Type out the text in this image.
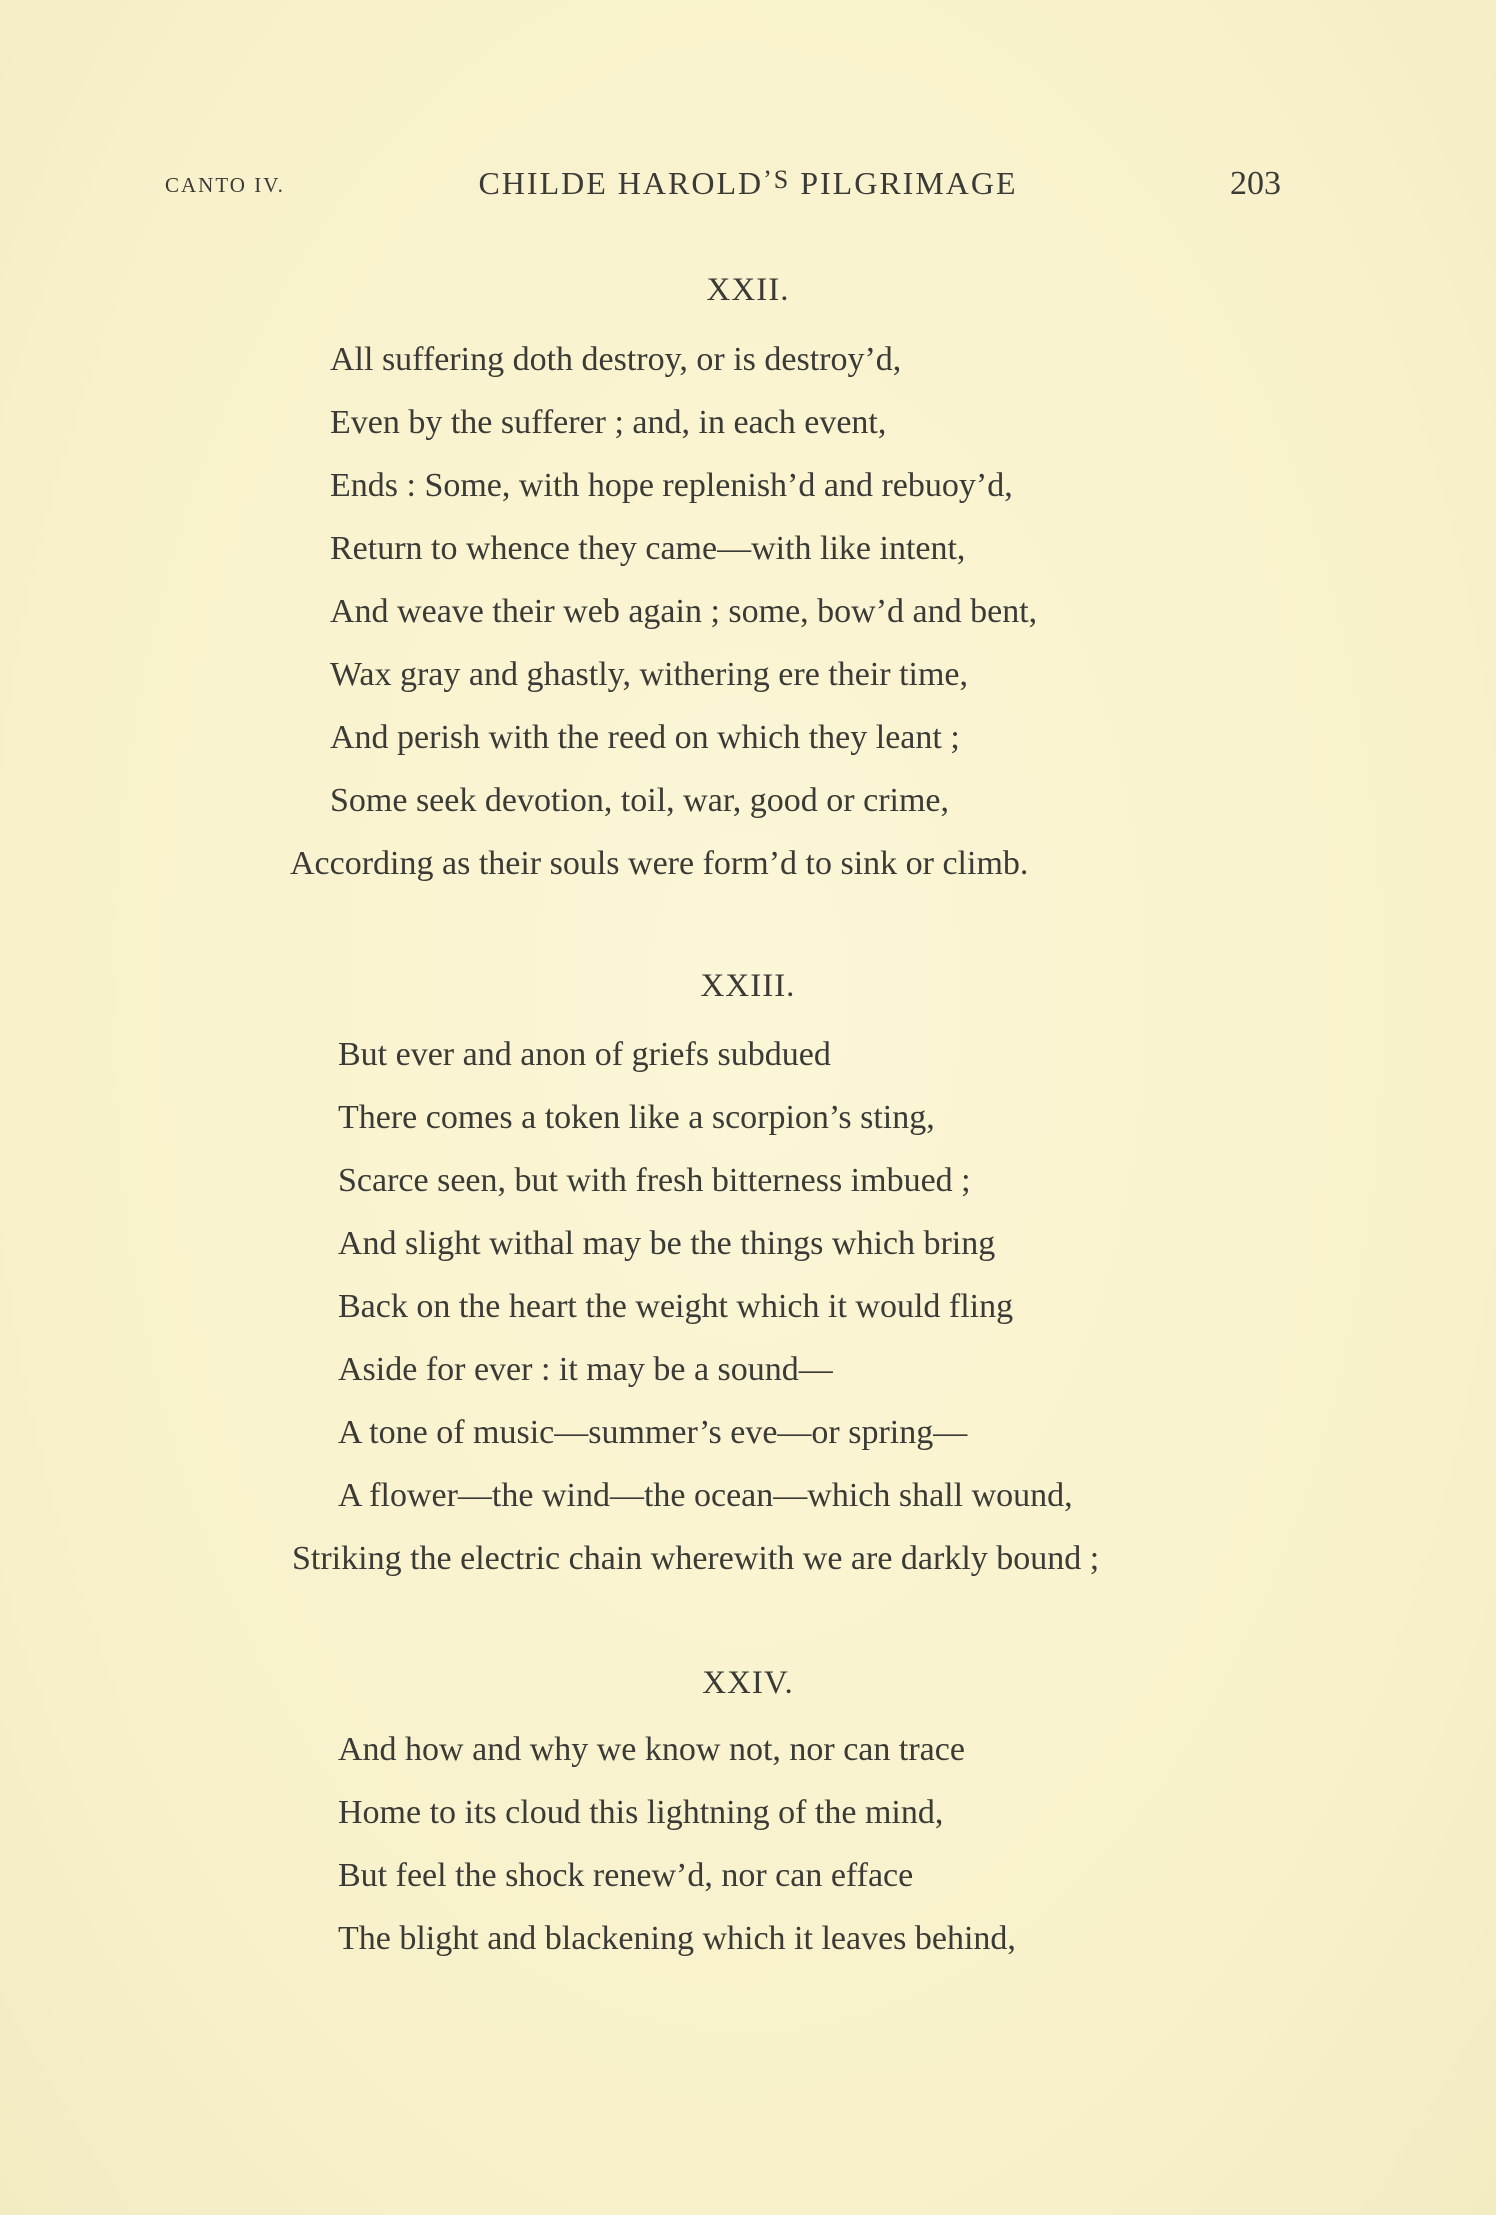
CANTO IV.	CHILDE HAROLD’S PILGRIMAGE	203
XXII.
All suffering doth destroy, or is destroy’d,
Even by the sufferer ; and, in each event,
Ends : Some, with hope replenish’d and rebuoy’d,
Return to whence they came—with like intent,
And weave their web again ; some, bow’d and bent,
Wax gray and ghastly, withering ere their time,
And perish with the reed on which they leant ;
Some seek devotion, toil, war, good or crime,
According as their souls were form’d to sink or climb.
XXIII.
But ever and anon of griefs subdued
There comes a token like a scorpion’s sting,
Scarce seen, but with fresh bitterness imbued ;
And slight withal may be the things which bring
Back on the heart the weight which it would fling
Aside for ever : it may be a sound—
A tone of music—summer’s eve—or spring—
A flower—the wind—the ocean—which shall wound,
Striking the electric chain wherewith we are darkly bound ;
XXIV.
And how and why we know not, nor can trace
Home to its cloud this lightning of the mind,
But feel the shock renew’d, nor can efface
The blight and blackening which it leaves behind,
